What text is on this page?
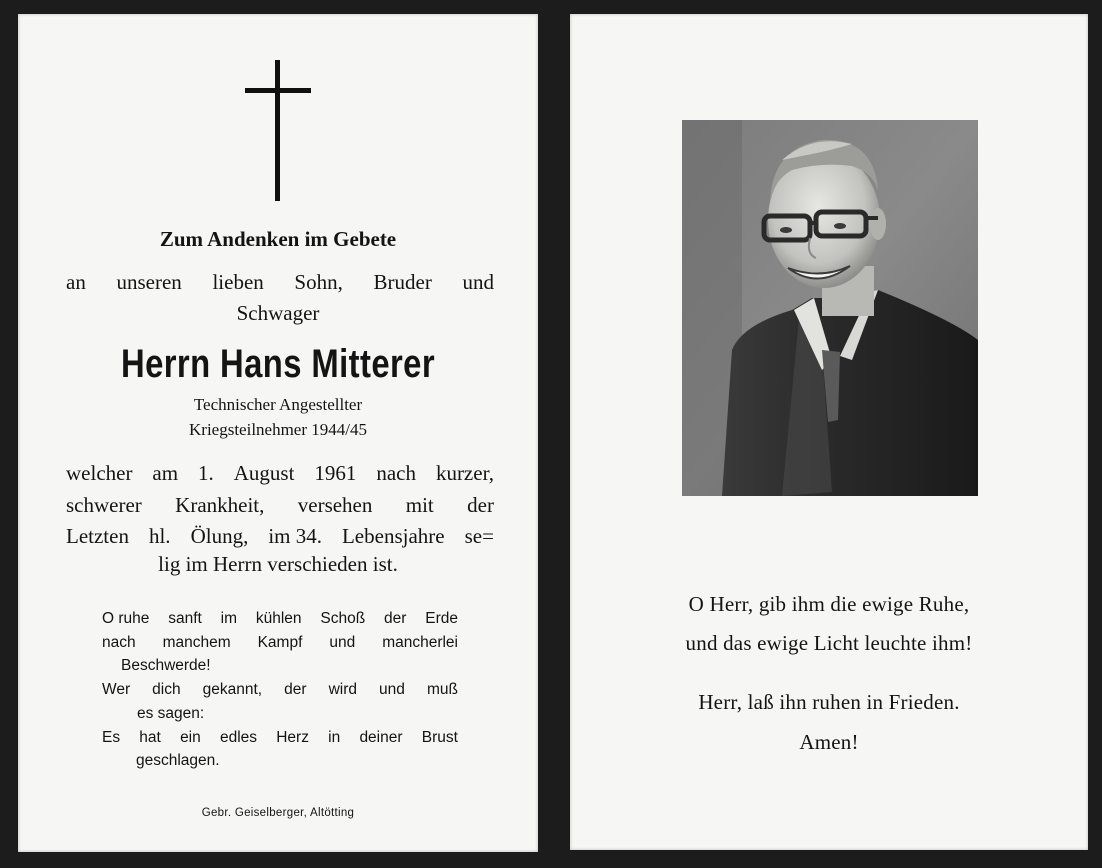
Zum Andenken im Gebete
an unseren lieben Sohn, Bruder und
Schwager
Herrn Hans Mitterer
Technischer Angestellter
Kriegsteilnehmer 1944/45
welcher am 1. August 1961 nach kurzer,
schwerer Krankheit, versehen mit der
Letzten hl. Ölung, im 34. Lebensjahre se=
lig im Herrn verschieden ist.
O ruhe sanft im kühlen Schoß der Erde
nach manchem Kampf und mancherlei
Beschwerde!
Wer dich gekannt, der wird und muß
es sagen:
Es hat ein edles Herz in deiner Brust
geschlagen.
Gebr. Geiselberger, Altötting
O Herr, gib ihm die ewige Ruhe,
und das ewige Licht leuchte ihm!
Herr, laß ihn ruhen in Frieden.
Amen!
